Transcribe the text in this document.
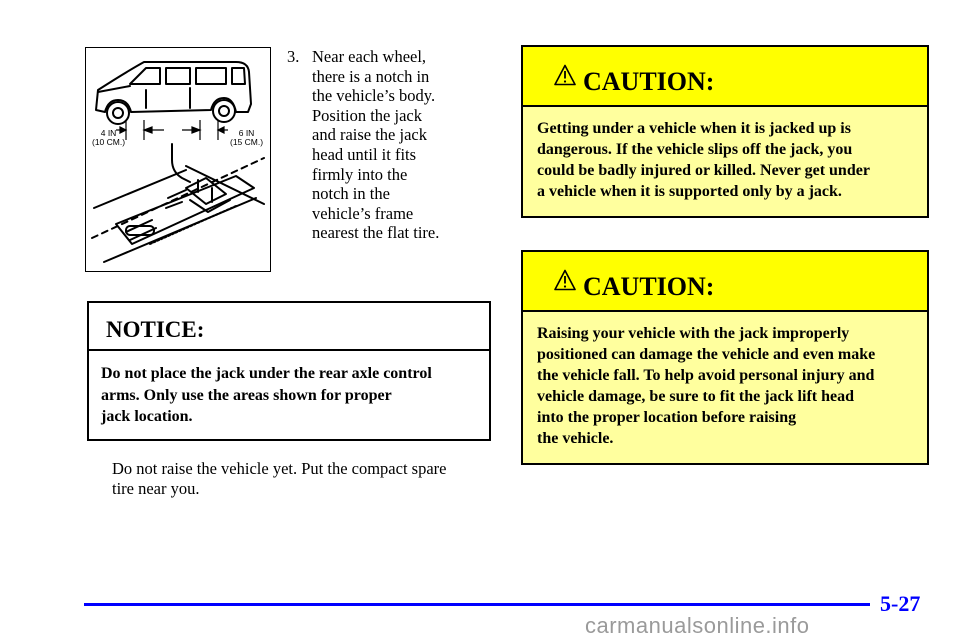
4 IN
(10 CM.)
6 IN
(15 CM.)
3. Near each wheel,
there is a notch in
the vehicle’s body.
Position the jack
and raise the jack
head until it fits
firmly into the
notch in the
vehicle’s frame
nearest the flat tire.
NOTICE:
Do not place the jack under the rear axle control
arms. Only use the areas shown for proper
jack location.
Do not raise the vehicle yet. Put the compact spare
tire near you.
CAUTION:
Getting under a vehicle when it is jacked up is
dangerous. If the vehicle slips off the jack, you
could be badly injured or killed. Never get under
a vehicle when it is supported only by a jack.
CAUTION:
Raising your vehicle with the jack improperly
positioned can damage the vehicle and even make
the vehicle fall. To help avoid personal injury and
vehicle damage, be sure to fit the jack lift head
into the proper location before raising
the vehicle.
5-27
carmanualsonline.info
